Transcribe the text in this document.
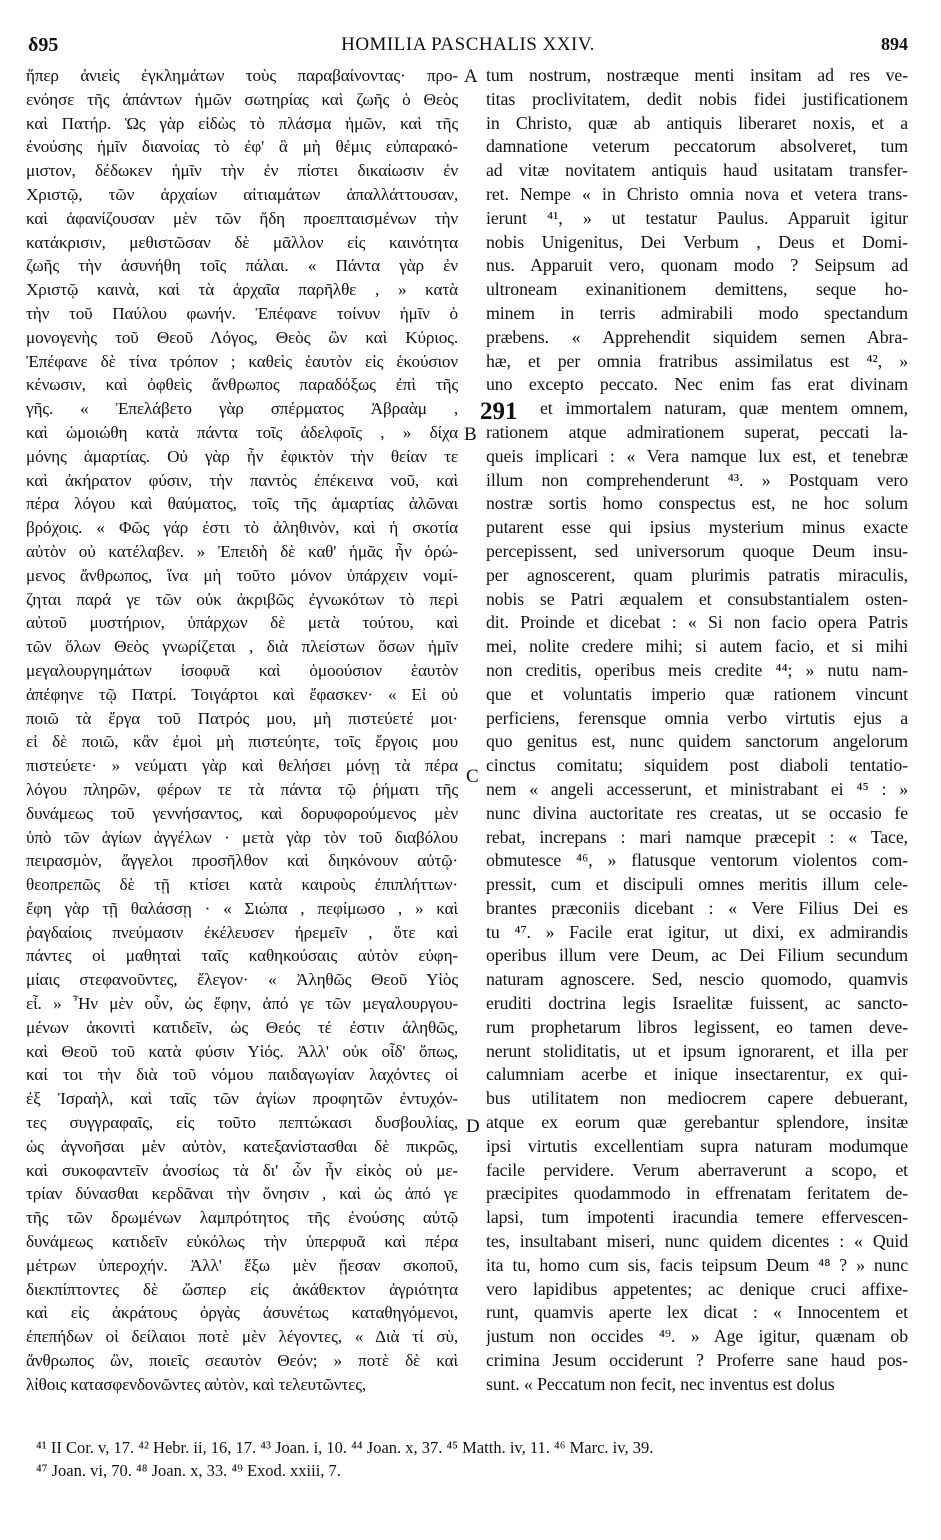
δ95	HOMILIA PASCHALIS XXIV.	894
ἥπερ ἀνιεὶς ἐγκλημάτων τοὺς παραβαίνοντας· προ-
ενόησε τῆς ἁπάντων ἡμῶν σωτηρίας καὶ ζωῆς ὁ Θεὸς
καὶ Πατήρ. Ὡς γὰρ εἰδὼς τὸ πλάσμα ἡμῶν, καὶ τῆς
ἐνούσης ἡμῖν διανοίας τὸ ἐφ' ἃ μὴ θέμις εὐπαρακό-
μιστον, δέδωκεν ἡμῖν τὴν ἐν πίστει δικαίωσιν ἐν
Χριστῷ, τῶν ἀρχαίων αἰτιαμάτων ἀπαλλάττουσαν,
καὶ ἀφανίζουσαν μὲν τῶν ἤδη προεπταισμένων τὴν
κατάκρισιν, μεθιστῶσαν δὲ μᾶλλον εἰς καινότητα
ζωῆς τὴν ἀσυνήθη τοῖς πάλαι. « Πάντα γὰρ ἐν
Χριστῷ καινὰ, καὶ τὰ ἀρχαῖα παρῆλθε , » κατὰ
τὴν τοῦ Παύλου φωνήν. Ἐπέφανε τοίνυν ἡμῖν ὁ
μονογενὴς τοῦ Θεοῦ Λόγος, Θεὸς ὢν καὶ Κύριος.
Ἐπέφανε δὲ τίνα τρόπον ; καθεὶς ἑαυτὸν εἰς ἑκούσιον
κένωσιν, καὶ ὀφθεὶς ἄνθρωπος παραδόξως ἐπὶ τῆς
γῆς. « Ἐπελάβετο γὰρ σπέρματος Ἀβραὰμ ,
καὶ ὡμοιώθη κατὰ πάντα τοῖς ἀδελφοῖς , » δίχα
μόνης ἁμαρτίας. Οὐ γὰρ ἦν ἐφικτὸν τὴν θείαν τε
καὶ ἀκήρατον φύσιν, τὴν παντὸς ἐπέκεινα νοῦ, καὶ
πέρα λόγου καὶ θαύματος, τοῖς τῆς ἁμαρτίας ἁλῶναι
βρόχοις. « Φῶς γάρ ἐστι τὸ ἀληθινὸν, καὶ ἡ σκοτία
αὐτὸν οὐ κατέλαβεν. » Ἐπειδὴ δὲ καθ' ἡμᾶς ἦν ὁρώ-
μενος ἄνθρωπος, ἵνα μὴ τοῦτο μόνον ὑπάρχειν νομί-
ζηται παρά γε τῶν οὐκ ἀκριβῶς ἐγνωκότων τὸ περὶ
αὐτοῦ μυστήριον, ὑπάρχων δὲ μετὰ τούτου, καὶ
τῶν ὅλων Θεὸς γνωρίζεται , διὰ πλείστων ὅσων ἡμῖν
μεγαλουργημάτων ἰσοφυᾶ καὶ ὁμοούσιον ἑαυτὸν
ἀπέφηνε τῷ Πατρί. Τοιγάρτοι καὶ ἔφασκεν· « Εἰ οὐ
ποιῶ τὰ ἔργα τοῦ Πατρός μου, μὴ πιστεύετέ μοι·
εἰ δὲ ποιῶ, κἂν ἐμοὶ μὴ πιστεύητε, τοῖς ἔργοις μου
πιστεύετε· » νεύματι γὰρ καὶ θελήσει μόνῃ τὰ πέρα
λόγου πληρῶν, φέρων τε τὰ πάντα τῷ ῥήματι τῆς
δυνάμεως τοῦ γεννήσαντος, καὶ δορυφορούμενος μὲν
ὑπὸ τῶν ἁγίων ἀγγέλων · μετὰ γὰρ τὸν τοῦ διαβόλου
πειρασμὸν, ἄγγελοι προσῆλθον καὶ διηκόνουν αὐτῷ·
θεοπρεπῶς δὲ τῇ κτίσει κατὰ καιροὺς ἐπιπλήττων·
ἔφη γὰρ τῇ θαλάσσῃ · « Σιώπα , πεφίμωσο , » καὶ
ῥαγδαίοις πνεύμασιν ἐκέλευσεν ἠρεμεῖν , ὅτε καὶ
πάντες οἱ μαθηταὶ ταῖς καθηκούσαις αὐτὸν εὐφη-
μίαις στεφανοῦντες, ἔλεγον· « Ἀληθῶς Θεοῦ Υἱὸς
εἶ. » Ἦν μὲν οὖν, ὡς ἔφην, ἀπό γε τῶν μεγαλουργου-
μένων ἀκονιτὶ κατιδεῖν, ὡς Θεός τέ ἐστιν ἀληθῶς,
καὶ Θεοῦ τοῦ κατὰ φύσιν Υἱός. Ἀλλ' οὐκ οἶδ' ὅπως,
καί τοι τὴν διὰ τοῦ νόμου παιδαγωγίαν λαχόντες οἱ
ἐξ Ἰσραὴλ, καὶ ταῖς τῶν ἁγίων προφητῶν ἐντυχόν-
τες συγγραφαῖς, εἰς τοῦτο πεπτώκασι δυσβουλίας,
ὡς ἀγνοῆσαι μὲν αὐτὸν, κατεξανίστασθαι δὲ πικρῶς,
καὶ συκοφαντεῖν ἀνοσίως τὰ δι' ὧν ἦν εἰκὸς οὐ με-
τρίαν δύνασθαι κερδᾶναι τὴν ὄνησιν , καὶ ὡς ἀπό γε
τῆς τῶν δρωμένων λαμπρότητος τῆς ἐνούσης αὐτῷ
δυνάμεως κατιδεῖν εὐκόλως τὴν ὑπερφυᾶ καὶ πέρα
μέτρων ὑπεροχήν. Ἀλλ' ἔξω μὲν ᾔεσαν σκοποῦ,
διεκπίπτοντες δὲ ὥσπερ εἰς ἀκάθεκτον ἀγριότητα
καὶ εἰς ἀκράτους ὀργὰς ἀσυνέτως καταθηγόμενοι,
ἐπεπήδων οἱ δείλαιοι ποτὲ μὲν λέγοντες, « Διὰ τί σὺ,
ἄνθρωπος ὢν, ποιεῖς σεαυτὸν Θεόν; » ποτὲ δὲ καὶ
λίθοις κατασφενδονῶντες αὐτὸν, καὶ τελευτῶντες,
tum nostrum, nostræque menti insitam ad res ve-
titas proclivitatem, dedit nobis fidei justificationem
in Christo, quæ ab antiquis liberaret noxis, et a
damnatione veterum peccatorum absolveret, tum
ad vitæ novitatem antiquis haud usitatam transfer-
ret. Nempe « in Christo omnia nova et vetera trans-
ierunt ⁴¹, » ut testatur Paulus. Apparuit igitur
nobis Unigenitus, Dei Verbum , Deus et Domi-
nus. Apparuit vero, quonam modo ? Seipsum ad
ultroneam exinanitionem demittens, seque ho-
minem in terris admirabili modo spectandum
præbens. « Apprehendit siquidem semen Abra-
hæ, et per omnia fratribus assimilatus est ⁴², »
uno excepto peccato. Nec enim fas erat divinam
et immortalem naturam, quæ mentem omnem,
rationem atque admirationem superat, peccati la-
queis implicari : « Vera namque lux est, et tenebræ
illum non comprehenderunt ⁴³. » Postquam vero
nostræ sortis homo conspectus est, ne hoc solum
putarent esse qui ipsius mysterium minus exacte
percepissent, sed universorum quoque Deum insu-
per agnoscerent, quam plurimis patratis miraculis,
nobis se Patri æqualem et consubstantialem osten-
dit. Proinde et dicebat : « Si non facio opera Patris
mei, nolite credere mihi; si autem facio, et si mihi
non creditis, operibus meis credite ⁴⁴; » nutu nam-
que et voluntatis imperio quæ rationem vincunt
perficiens, ferensque omnia verbo virtutis ejus a
quo genitus est, nunc quidem sanctorum angelorum
cinctus comitatu; siquidem post diaboli tentatio-
nem « angeli accesserunt, et ministrabant ei ⁴⁵ : »
nunc divina auctoritate res creatas, ut se occasio fe
rebat, increpans : mari namque præcepit : « Tace,
obmutesce ⁴⁶, » flatusque ventorum violentos com-
pressit, cum et discipuli omnes meritis illum cele-
brantes præconiis dicebant : « Vere Filius Dei es
tu ⁴⁷. » Facile erat igitur, ut dixi, ex admirandis
operibus illum vere Deum, ac Dei Filium secundum
naturam agnoscere. Sed, nescio quomodo, quamvis
eruditi doctrina legis Israelitæ fuissent, ac sancto-
rum prophetarum libros legissent, eo tamen deve-
nerunt stoliditatis, ut et ipsum ignorarent, et illa per
calumniam acerbe et inique insectarentur, ex qui-
bus utilitatem non mediocrem capere debuerant,
atque ex eorum quæ gerebantur splendore, insitæ
ipsi virtutis excellentiam supra naturam modumque
facile pervidere. Verum aberraverunt a scopo, et
præcipites quodammodo in effrenatam feritatem de-
lapsi, tum impotenti iracundia temere effervescen-
tes, insultabant miseri, nunc quidem dicentes : « Quid
ita tu, homo cum sis, facis teipsum Deum ⁴⁸ ? » nunc
vero lapidibus appetentes; ac denique cruci affixe-
runt, quamvis aperte lex dicat : « Innocentem et
justum non occides ⁴⁹. » Age igitur, quænam ob
crimina Jesum occiderunt ? Proferre sane haud pos-
sunt. « Peccatum non fecit, nec inventus est dolus
A
B
C
D
291
⁴¹ II Cor. v, 17. ⁴² Hebr. ii, 16, 17. ⁴³ Joan. i, 10. ⁴⁴ Joan. x, 37. ⁴⁵ Matth. iv, 11. ⁴⁶ Marc. iv, 39.
⁴⁷ Joan. vi, 70. ⁴⁸ Joan. x, 33. ⁴⁹ Exod. xxiii, 7.
